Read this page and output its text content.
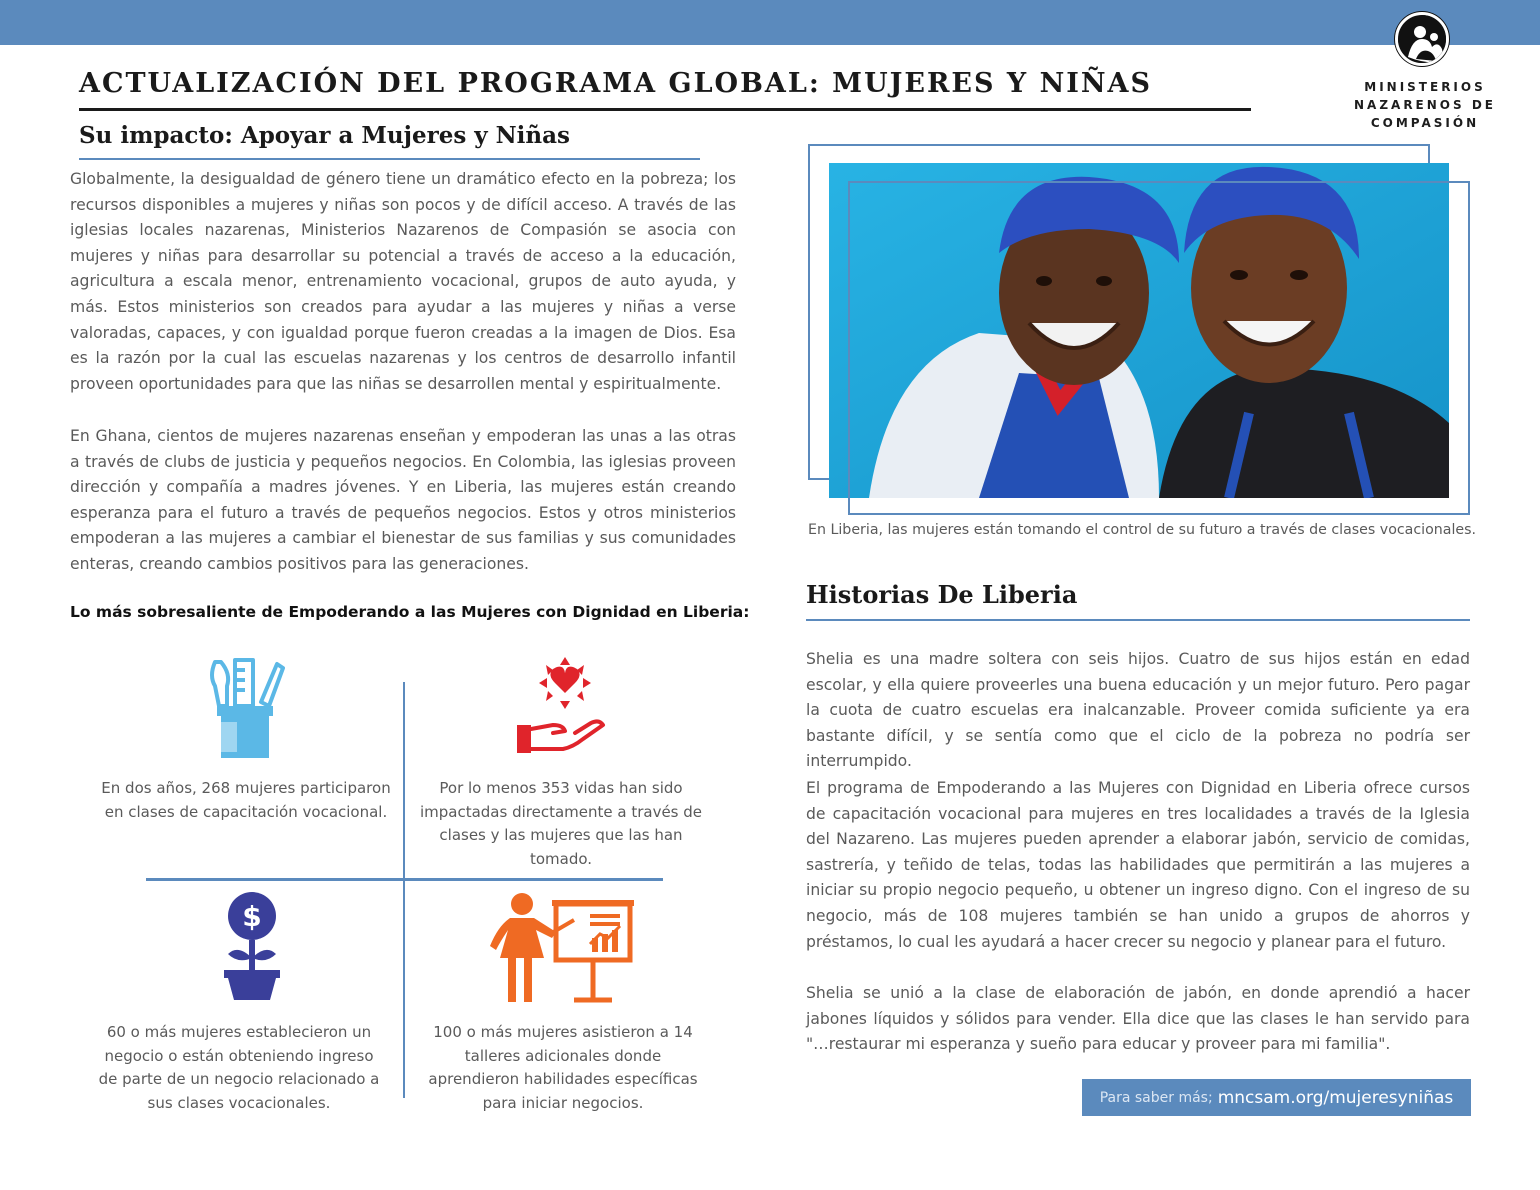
MINISTERIOS
NAZARENOS DE
COMPASIÓN
ACTUALIZACIÓN DEL PROGRAMA GLOBAL: MUJERES Y NIÑAS
Su impacto: Apoyar a Mujeres y Niñas

Globalmente, la desigualdad de género tiene un dramático efecto en la pobreza; los recursos disponibles a mujeres y niñas son pocos y de difícil acceso. A través de las iglesias locales nazarenas, Ministerios Nazarenos de Compasión se asocia con mujeres y niñas para desarrollar su potencial a través de acceso a la educación, agricultura a escala menor, entrenamiento vocacional, grupos de auto ayuda, y más. Estos ministerios son creados para ayudar a las mujeres y niñas a verse valoradas, capaces, y con igualdad porque fueron creadas a la imagen de Dios. Esa es la razón por la cual las escuelas nazarenas y los centros de desarrollo infantil proveen oportunidades para que las niñas se desarrollen mental y espiritualmente.

En Ghana, cientos de mujeres nazarenas enseñan y empoderan las unas a las otras a través de clubs de justicia y pequeños negocios. En Colombia, las iglesias proveen dirección y compañía a madres jóvenes. Y en Liberia, las mujeres están creando esperanza para el futuro a través de pequeños negocios. Estos y otros ministerios empoderan a las mujeres a cambiar el bienestar de sus familias y sus comunidades enteras, creando cambios positivos para las generaciones.

Lo más sobresaliente de Empoderando a las Mujeres con Dignidad en Liberia:
$

En dos años, 268 mujeres participaron en clases de capacitación vocacional.

Por lo menos 353 vidas han sido impactadas directamente a través de clases y las mujeres que las han tomado.

60 o más mujeres establecieron un negocio o están obteniendo ingreso de parte de un negocio relacionado a sus clases vocacionales.

100 o más mujeres asistieron a 14 talleres adicionales donde aprendieron habilidades específicas para iniciar negocios.

En Liberia, las mujeres están tomando el control de su futuro a través de clases vocacionales.

Historias De Liberia

Shelia es una madre soltera con seis hijos. Cuatro de sus hijos están en edad escolar, y ella quiere proveerles una buena educación y un mejor futuro. Pero pagar la cuota de cuatro escuelas era inalcanzable. Proveer comida suficiente ya era bastante difícil, y se sentía como que el ciclo de la pobreza no podría ser interrumpido.

El programa de Empoderando a las Mujeres con Dignidad en Liberia ofrece cursos de capacitación vocacional para mujeres en tres localidades a través de la Iglesia del Nazareno. Las mujeres pueden aprender a elaborar jabón, servicio de comidas, sastrería, y teñido de telas, todas las habilidades que permitirán a las mujeres a iniciar su propio negocio pequeño, u obtener un ingreso digno. Con el ingreso de su negocio, más de 108 mujeres también se han unido a grupos de ahorros y préstamos, lo cual les ayudará a hacer crecer su negocio y planear para el futuro.

Shelia se unió a la clase de elaboración de jabón, en donde aprendió a hacer jabones líquidos y sólidos para vender. Ella dice que las clases le han servido para "…restaurar mi esperanza y sueño para educar y proveer para mi familia".

Para saber más; mncsam.org/mujeresyniñas
